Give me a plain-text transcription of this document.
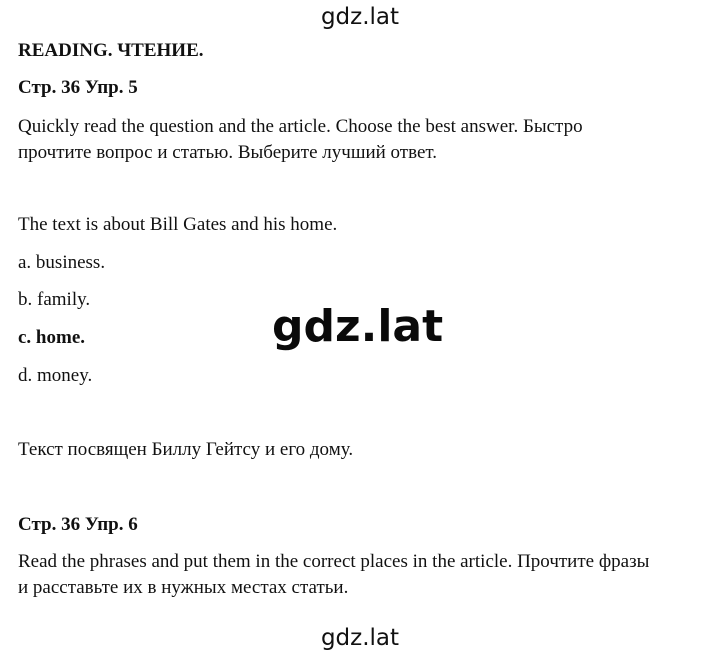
gdz.lat
READING. ЧТЕНИЕ.
Стр. 36 Упр. 5
Quickly read the question and the article. Choose the best answer. Быстро
прочтите вопрос и статью. Выберите лучший ответ.
The text is about Bill Gates and his home.
a. business.
b. family.
c. home.
d. money.
Текст посвящен Биллу Гейтсу и его дому.
Стр. 36 Упр. 6
Read the phrases and put them in the correct places in the article. Прочтите фразы
и расставьте их в нужных местах статьи.
gdz.lat
gdz.lat
